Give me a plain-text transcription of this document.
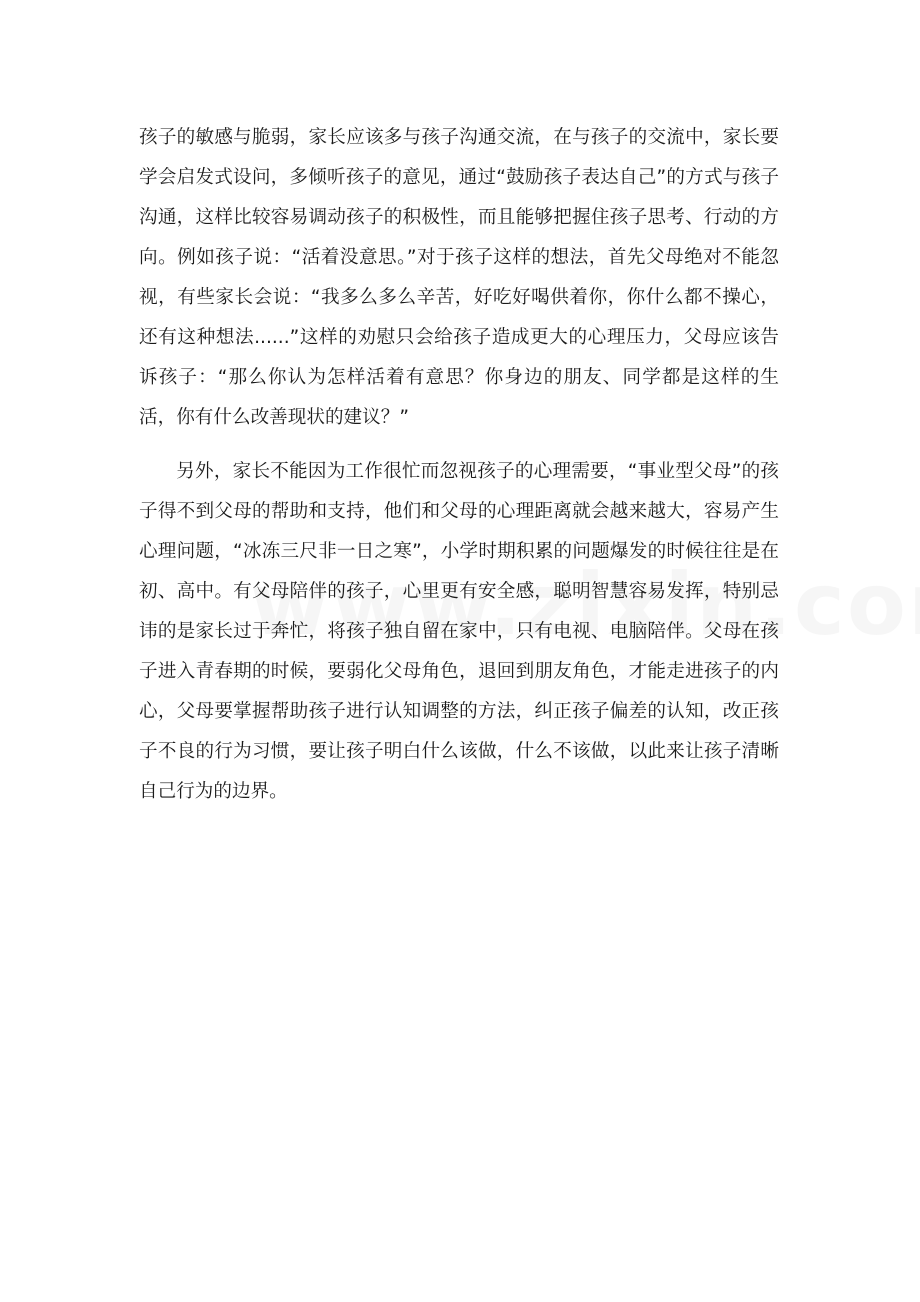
孩子的敏感与脆弱，家长应该多与孩子沟通交流，在与孩子的交流中，家长要学会启发式设问，多倾听孩子的意见，通过“鼓励孩子表达自己”的方式与孩子沟通，这样比较容易调动孩子的积极性，而且能够把握住孩子思考、行动的方向。例如孩子说：“活着没意思。”对于孩子这样的想法，首先父母绝对不能忽视，有些家长会说：“我多么多么辛苦，好吃好喝供着你，你什么都不操心，还有这种想法......”这样的劝慰只会给孩子造成更大的心理压力，父母应该告诉孩子：“那么你认为怎样活着有意思？你身边的朋友、同学都是这样的生活，你有什么改善现状的建议？”

另外，家长不能因为工作很忙而忽视孩子的心理需要，“事业型父母”的孩子得不到父母的帮助和支持，他们和父母的心理距离就会越来越大，容易产生心理问题，“冰冻三尺非一日之寒”，小学时期积累的问题爆发的时候往往是在初、高中。有父母陪伴的孩子，心里更有安全感，聪明智慧容易发挥，特别忌讳的是家长过于奔忙，将孩子独自留在家中，只有电视、电脑陪伴。父母在孩子进入青春期的时候，要弱化父母角色，退回到朋友角色，才能走进孩子的内心，父母要掌握帮助孩子进行认知调整的方法，纠正孩子偏差的认知，改正孩子不良的行为习惯，要让孩子明白什么该做，什么不该做，以此来让孩子清晰自己行为的边界。
